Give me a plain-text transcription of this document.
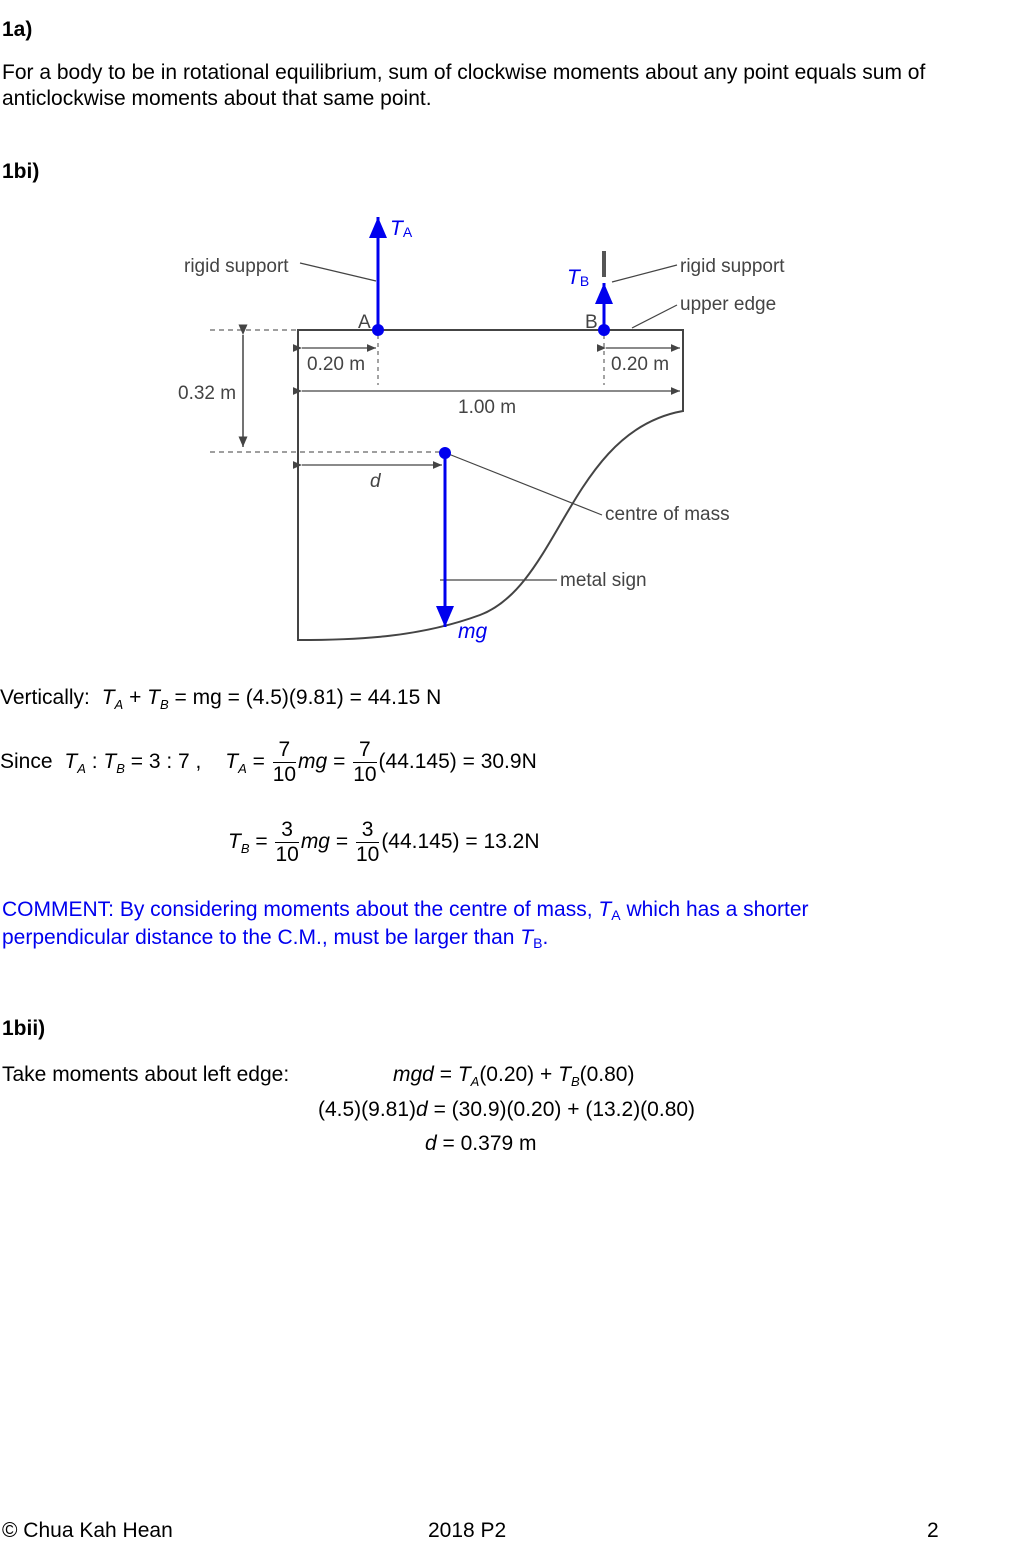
1a)
For a body to be in rotational equilibrium, sum of clockwise moments about any point equals sum of anticlockwise moments about that same point.
1bi)
0.32 m
0.20 m	0.20 m
1.00 m
d
rigid support	rigid support
upper edge
centre of mass
metal sign
A	B
TA
TB
mg
Vertically: $T_A + T_B$ = mg = (4.5)(9.81) = 44.15 N
Since $T_A$ : $T_B = 3$ : 7 , $T_A = \frac{7}{10}$ mg = $\frac{7}{10} (44.145) = 30.9N$
$T_B = \frac{3}{10}$ mg = $\frac{3}{10} (44.145) = 13.2N$
COMMENT: By considering moments about the centre of mass, TA which has a shorter
perpendicular distance to the C.M., must be larger than TB.
1bii)
Take moments about left edge:	mgd = $T_A(0.20) + T_B(0.80)$
(4.5)(9.81)d = (30.9)(0.20) + (13.2)(0.80)
d = 0.379 m
© Chua Kah Hean	2018 P2	2
